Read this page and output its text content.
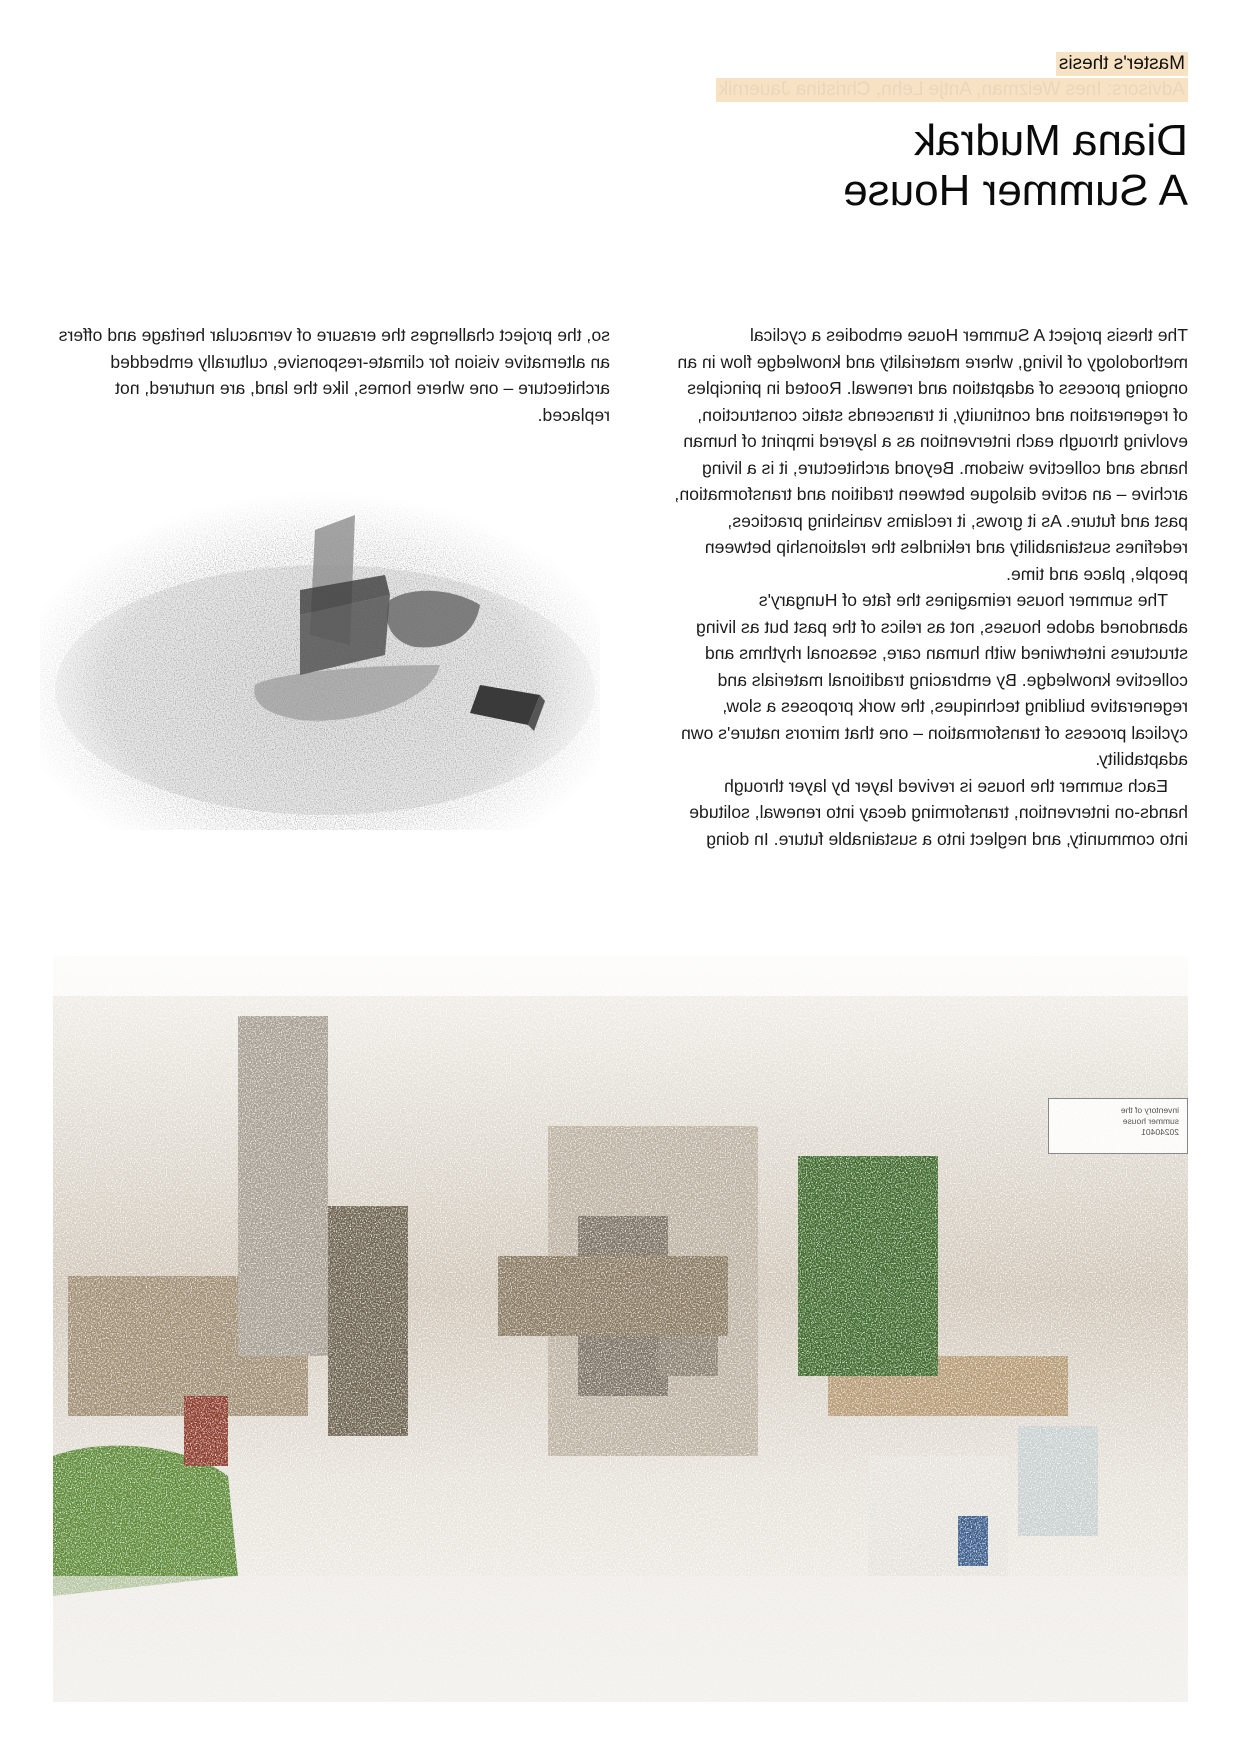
Master's thesis
Advisors: Ines Weizman, Antje Lehn, Christina Jauernik
Diana Mudrak
A Summer House

The thesis project A Summer House embodies a cyclical methodology of living, where materiality and knowledge flow in an ongoing process of adaptation and renewal. Rooted in principles of regeneration and continuity, it transcends static construction, evolving through each intervention as a layered imprint of human hands and collective wisdom. Beyond architecture, it is a living archive – an active dialogue between tradition and transformation, past and future. As it grows, it reclaims vanishing practices, redefines sustainability and rekindles the relationship between people, place and time.

The summer house reimagines the fate of Hungary's abandoned adobe houses, not as relics of the past but as living structures intertwined with human care, seasonal rhythms and collective knowledge. By embracing traditional materials and regenerative building techniques, the work proposes a slow, cyclical process of transformation – one that mirrors nature's own adaptability.

Each summer the house is revived layer by layer through hands-on intervention, transforming decay into renewal, solitude into community, and neglect into a sustainable future. In doing

so, the project challenges the erasure of vernacular heritage and offers an alternative vision for climate-responsive, culturally embedded architecture – one where homes, like the land, are nurtured, not replaced.

inventory of the
summer house
20240401
